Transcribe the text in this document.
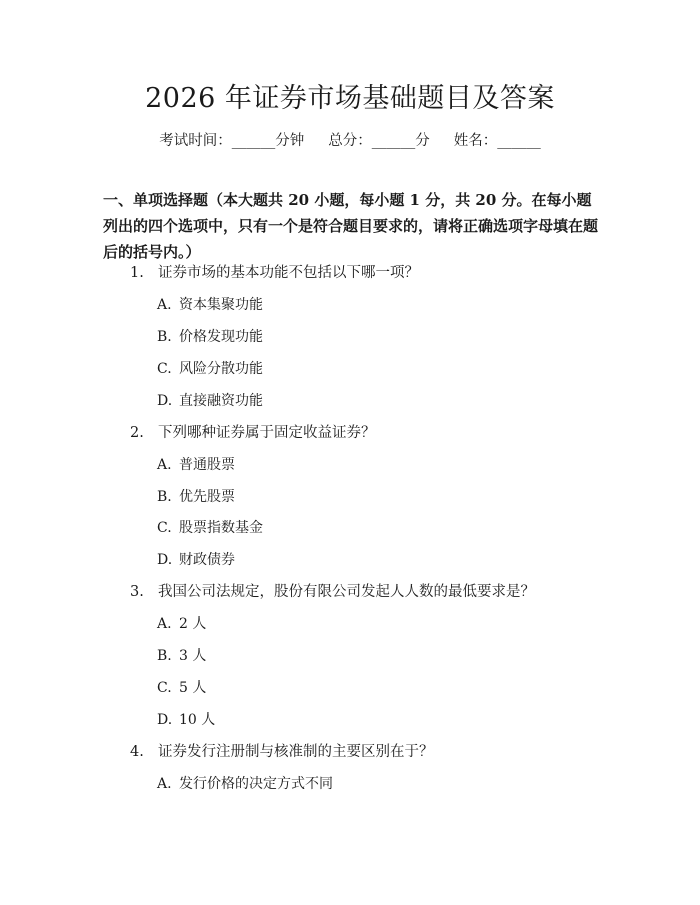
2026 年证券市场基础题目及答案
考试时间：______分钟 总分：______分 姓名：______

一、单项选择题（本大题共 20 小题，每小题 1 分，共 20 分。在每小题列出的四个选项中，只有一个是符合题目要求的，请将正确选项字母填在题后的括号内。）

1. 证券市场的基本功能不包括以下哪一项？
A. 资本集聚功能
B. 价格发现功能
C. 风险分散功能
D. 直接融资功能
2. 下列哪种证券属于固定收益证券？
A. 普通股票
B. 优先股票
C. 股票指数基金
D. 财政债券
3. 我国公司法规定，股份有限公司发起人人数的最低要求是？
A. 2 人
B. 3 人
C. 5 人
D. 10 人
4. 证券发行注册制与核准制的主要区别在于？
A. 发行价格的决定方式不同
